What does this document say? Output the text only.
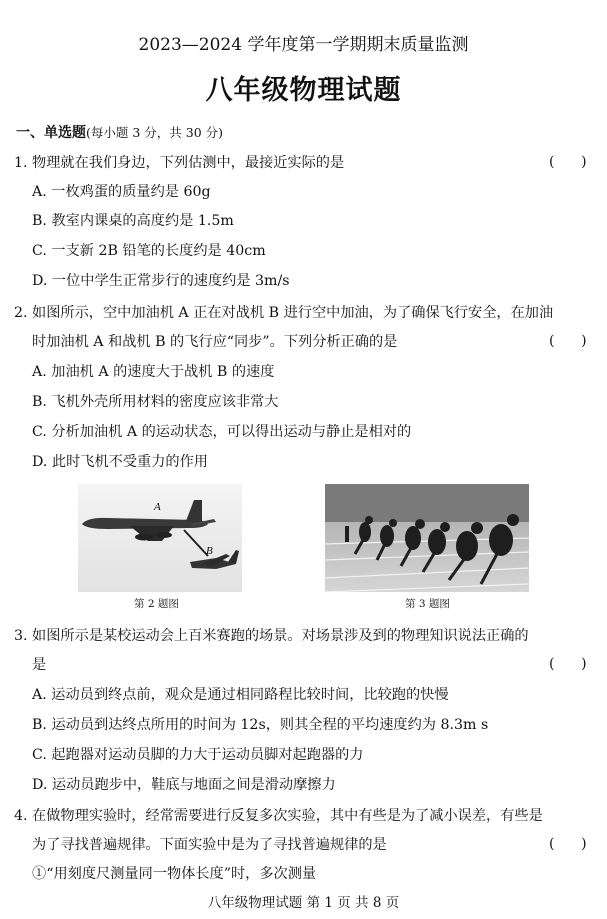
2023—2024 学年度第一学期期末质量监测
八年级物理试题
一、单选题(每小题 3 分，共 30 分)
1. 物理就在我们身边，下列估测中，最接近实际的是	(      )
A. 一枚鸡蛋的质量约是 60g
B. 教室内课桌的高度约是 1.5m
C. 一支新 2B 铅笔的长度约是 40cm
D. 一位中学生正常步行的速度约是 3m/s
2. 如图所示，空中加油机 A 正在对战机 B 进行空中加油，为了确保飞行安全，在加油
时加油机 A 和战机 B 的飞行应“同步”。下列分析正确的是	(      )
A. 加油机 A 的速度大于战机 B 的速度
B. 飞机外壳所用材料的密度应该非常大
C. 分析加油机 A 的运动状态，可以得出运动与静止是相对的
D. 此时飞机不受重力的作用
A
B
第 2 题图	第 3 题图
3. 如图所示是某校运动会上百米赛跑的场景。对场景涉及到的物理知识说法正确的
是	(      )
A. 运动员到终点前，观众是通过相同路程比较时间，比较跑的快慢
B. 运动员到达终点所用的时间为 12s，则其全程的平均速度约为 8.3m s
C. 起跑器对运动员脚的力大于运动员脚对起跑器的力
D. 运动员跑步中，鞋底与地面之间是滑动摩擦力
4. 在做物理实验时，经常需要进行反复多次实验，其中有些是为了减小误差，有些是
为了寻找普遍规律。下面实验中是为了寻找普遍规律的是	(      )
①“用刻度尺测量同一物体长度”时，多次测量
八年级物理试题 第 1 页 共 8 页
